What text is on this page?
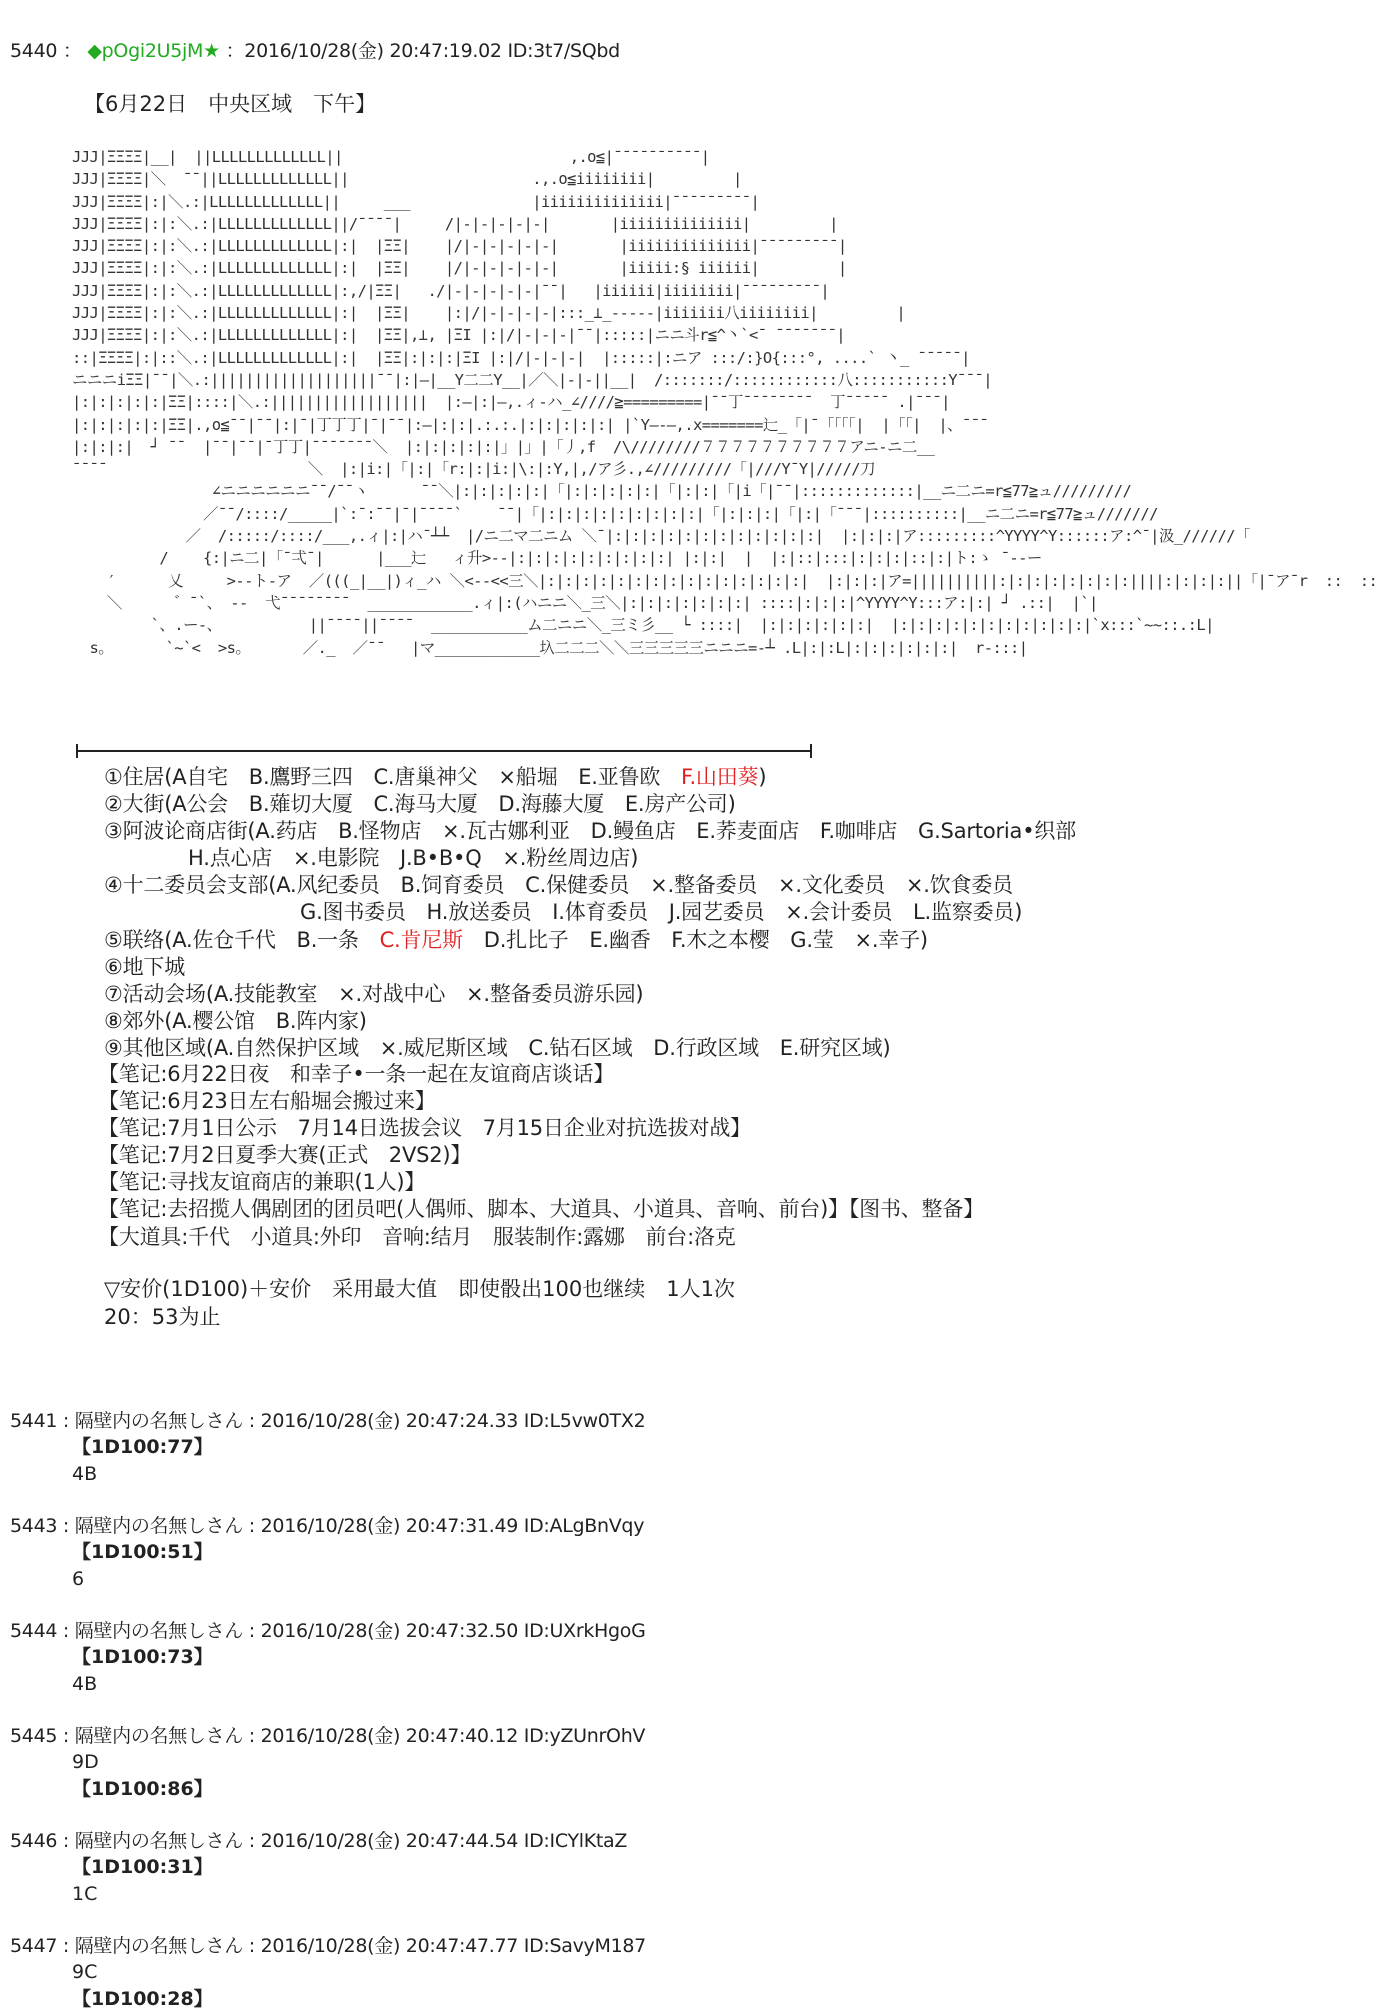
5440 ： ◆pOgi2U5jM★ ：2016/10/28(金) 20:47:19.02 ID:3t7/SQbd
【6月22日　中央区域　下午】
JJJ|ΞΞΞΞ|__|  ||LLLLLLLLLLLLL||                          ,.ο≦|¯¯¯¯¯¯¯¯¯¯|
JJJ|ΞΞΞΞ|＼  ¯¯||LLLLLLLLLLLLL||                     .,.ο≦iiiiiiii|         |
JJJ|ΞΞΞΞ|:|＼.:|LLLLLLLLLLLLL||     ___              |iiiiiiiiiiiiii|¯¯¯¯¯¯¯¯¯|
JJJ|ΞΞΞΞ|:|:＼.:|LLLLLLLLLLLLL||/¯¯¯¯|     /|-|-|-|-|-|       |iiiiiiiiiiiiii|         |
JJJ|ΞΞΞΞ|:|:＼.:|LLLLLLLLLLLLL|:|  |ΞΞ|    |/|-|-|-|-|-|       |iiiiiiiiiiiiii|¯¯¯¯¯¯¯¯¯|
JJJ|ΞΞΞΞ|:|:＼.:|LLLLLLLLLLLLL|:|  |ΞΞ|    |/|-|-|-|-|-|       |iiiii:§ iiiiii|         |
JJJ|ΞΞΞΞ|:|:＼.:|LLLLLLLLLLLLL|:,/|ΞΞ|   ./|-|-|-|-|-|¯¯|   |iiiiii|iiiiiiii|¯¯¯¯¯¯¯¯¯|
JJJ|ΞΞΞΞ|:|:＼.:|LLLLLLLLLLLLL|:|  |ΞΞ|    |:|/|-|-|-|-|:::_⊥_-----|iiiiiii八iiiiiiii|         |
JJJ|ΞΞΞΞ|:|:＼.:|LLLLLLLLLLLLL|:|  |ΞΞ|,⊥, |ΞI |:|/|-|-|-|¯¯|:::::|ニニ斗r≦^丶`<¯ ¯¯¯¯¯¯¯|
::|ΞΞΞΞ|:|::＼.:|LLLLLLLLLLLLL|:|  |ΞΞ|:|:|:|ΞI |:|/|-|-|-|  |:::::|:ニア :::/:}O{:::°, ....` 丶_ ¯¯¯¯¯|
ニニニiΞΞ|¯¯|＼.:|||||||||||||||||||¯¯|:|―|__Y二二Y__|／＼|-|-||__|  /:::::::/::::::::::::八:::::::::::Y¯¯¯|
|:|:|:|:|:|ΞΞ|::::|＼.:||||||||||||||||||  |:―|:|―,.ィ-ハ_∠////≧=========|¯¯丁¯¯¯¯¯¯¯¯  丁¯¯¯¯¯ .|¯¯¯|
|:|:|:|:|:|ΞΞ|.,ο≦¯¯|¯¯|:|¯|丁丁丁|¯|¯¯|:―|:|:|.:.:.|:|:|:|:|:| |`Y―-―,.x=======辷_「|¯「「「「|  |「「|  |、¯¯¯
|:|:|:|  ┘ ¯¯  |¯¯|¯¯|¯丁丁|¯¯¯¯¯¯¯＼  |:|:|:|:|:|」|」|「丿,f  /\////////７７７７７７７７７７アニ-ニ二__
¯¯¯¯                       ＼  |:|i:|「|:|「r:|:|i:|\:|:Y,|,/ア彡.,∠/////////「|///Y¯Y|/////刀
∠ニニニニニニ¯¯/¯¯ヽ      ¯¯＼|:|:|:|:|:|「|:|:|:|:|:|「|:|:|「|i「|¯¯|:::::::::::::|__ニ二ニ=r≦77≧ュ/////////
／¯¯/::::/_____|`:¯:¯¯|¯|¯¯¯¯`    ¯¯|「|:|:|:|:|:|:|:|:|:|「|:|:|:|「|:|「¯¯¯|::::::::::|__ニ二ニ=r≦77≧ュ///////
／  /:::::/::::/___,.ィ|:|ハ¯┴┴  |/ニ二マ二ニム ＼¯|:|:|:|:|:|:|:|:|:|:|:|:|  |:|:|:|ア:::::::::^YYYY^Y::::::ア:^¯|汲_//////「
/    {:|ニ二|「¯弌¯|      |___辷   ィ升>--|:|:|:|:|:|:|:|:|:| |:|:|  |  |:|::|:::|:|:|:|::|:|ト:ゝ ¯--ー
′      乂     >--ト-ア  ／(((_|__|)ィ_ハ ＼<--<<三＼|:|:|:|:|:|:|:|:|:|:|:|:|:|:|:|  |:|:|:|ア=||||||||||:|:|:|:|:|:|:|:||||:|:|:|:||「|¯ア¯r  ::  ::
＼      ゛¯`、 --  弋¯¯¯¯¯¯¯¯  ____________.ィ|:(ハニニ＼_三＼|:|:|:|:|:|:|:| ::::|:|:|:|^YYYY^Y:::ア:|:| ┘ .::|  |`|
`、.ー-、          ||¯¯¯¯||¯¯¯¯  ___________ム二ニニ＼_三ミ彡__ └ ::::|  |:|:|:|:|:|:|  |:|:|:|:|:|:|:|:|:|:|:|`x:::`~~::.:L|
s。      `~`<  >s。      ／._  ／¯¯   |マ____________圦二二二＼＼三三三三三ニニニ=‐┴ .L|:|:L|:|:|:|:|:|:|  r-:::|
①住居(A自宅　B.鷹野三四　C.唐巢神父　×船堀　E.亚鲁欧　F.山田葵)
②大街(A公会　B.薙切大厦　C.海马大厦　D.海藤大厦　E.房产公司)
③阿波论商店街(A.药店　B.怪物店　×.瓦古娜利亚　D.鳗鱼店　E.荞麦面店　F.咖啡店　G.Sartoria•织部
H.点心店　×.电影院　J.B•B•Q　×.粉丝周边店)
④十二委员会支部(A.风纪委员　B.饲育委员　C.保健委员　×.整备委员　×.文化委员　×.饮食委员
G.图书委员　H.放送委员　I.体育委员　J.园艺委员　×.会计委员　L.监察委员)
⑤联络(A.佐仓千代　B.一条　C.肯尼斯　D.扎比子　E.幽香　F.木之本樱　G.莹　×.幸子)
⑥地下城
⑦活动会场(A.技能教室　×.对战中心　×.整备委员游乐园)
⑧郊外(A.樱公馆　B.阵内家)
⑨其他区域(A.自然保护区域　×.威尼斯区域　C.钻石区域　D.行政区域　E.研究区域)
【笔记:6月22日夜　和幸子•一条一起在友谊商店谈话】
【笔记:6月23日左右船堀会搬过来】
【笔记:7月1日公示　7月14日选拔会议　7月15日企业对抗选拔对战】
【笔记:7月2日夏季大赛(正式　2VS2)】
【笔记:寻找友谊商店的兼职(1人)】
【笔记:去招揽人偶剧团的团员吧(人偶师、脚本、大道具、小道具、音响、前台)】【图书、整备】
【大道具:千代　小道具:外印　音响:结月　服装制作:露娜　前台:洛克
▽安价(1D100)＋安价　采用最大值　即使骰出100也继续　1人1次
20：53为止
5441 : 隔壁内の名無しさん : 2016/10/28(金) 20:47:24.33 ID:L5vw0TX2
【1D100:77】
4B
5443 : 隔壁内の名無しさん : 2016/10/28(金) 20:47:31.49 ID:ALgBnVqy
【1D100:51】
6
5444 : 隔壁内の名無しさん : 2016/10/28(金) 20:47:32.50 ID:UXrkHgoG
【1D100:73】
4B
5445 : 隔壁内の名無しさん : 2016/10/28(金) 20:47:40.12 ID:yZUnrOhV
9D
【1D100:86】
5446 : 隔壁内の名無しさん : 2016/10/28(金) 20:47:44.54 ID:ICYlKtaZ
【1D100:31】
1C
5447 : 隔壁内の名無しさん : 2016/10/28(金) 20:47:47.77 ID:SavyM187
9C
【1D100:28】
